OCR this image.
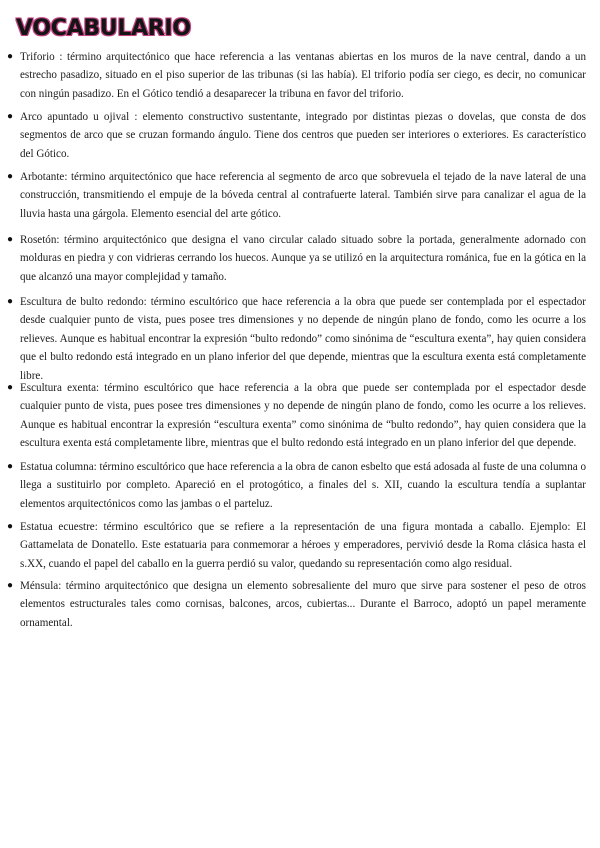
VOCABULARIO
●
Triforio : término arquitectónico que hace referencia a las ventanas abiertas en los muros de la nave central, dando a un estrecho pasadizo, situado en el piso superior de las tribunas (si las había). El triforio podía ser ciego, es decir, no comunicar con ningún pasadizo. En el Gótico tendió a desaparecer la tribuna en favor del triforio.
●
Arco apuntado u ojival : elemento constructivo sustentante, integrado por distintas piezas o dovelas, que consta de dos segmentos de arco que se cruzan formando ángulo. Tiene dos centros que pueden ser interiores o exteriores. Es característico del Gótico.
●
Arbotante: término arquitectónico que hace referencia al segmento de arco que sobrevuela el tejado de la nave lateral de una construcción, transmitiendo el empuje de la bóveda central al contrafuerte lateral. También sirve para canalizar el agua de la lluvia hasta una gárgola. Elemento esencial del arte gótico.
●
Rosetón: término arquitectónico que designa el vano circular calado situado sobre la portada, generalmente adornado con molduras en piedra y con vidrieras cerrando los huecos. Aunque ya se utilizó en la arquitectura románica, fue en la gótica en la que alcanzó una mayor complejidad y tamaño.
●
Escultura de bulto redondo: término escultórico que hace referencia a la obra que puede ser contemplada por el espectador desde cualquier punto de vista, pues posee tres dimensiones y no depende de ningún plano de fondo, como les ocurre a los relieves. Aunque es habitual encontrar la expresión “bulto redondo” como sinónima de “escultura exenta”, hay quien considera que el bulto redondo está integrado en un plano inferior del que depende, mientras que la escultura exenta está completamente libre.
●
Escultura exenta: término escultórico que hace referencia a la obra que puede ser contemplada por el espectador desde cualquier punto de vista, pues posee tres dimensiones y no depende de ningún plano de fondo, como les ocurre a los relieves. Aunque es habitual encontrar la expresión “escultura exenta” como sinónima de “bulto redondo”, hay quien considera que la escultura exenta está completamente libre, mientras que el bulto redondo está integrado en un plano inferior del que depende.
●
Estatua columna: término escultórico que hace referencia a la obra de canon esbelto que está adosada al fuste de una columna o llega a sustituirlo por completo. Apareció en el protogótico, a finales del s. XII, cuando la escultura tendía a suplantar elementos arquitectónicos como las jambas o el parteluz.
●
Estatua ecuestre: término escultórico que se refiere a la representación de una figura montada a caballo. Ejemplo: El Gattamelata de Donatello. Este estatuaria para conmemorar a héroes y emperadores, pervivió desde la Roma clásica hasta el s.XX, cuando el papel del caballo en la guerra perdió su valor, quedando su representación como algo residual.
●
Ménsula: término arquitectónico que designa un elemento sobresaliente del muro que sirve para sostener el peso de otros elementos estructurales tales como cornisas, balcones, arcos, cubiertas... Durante el Barroco, adoptó un papel meramente ornamental.
